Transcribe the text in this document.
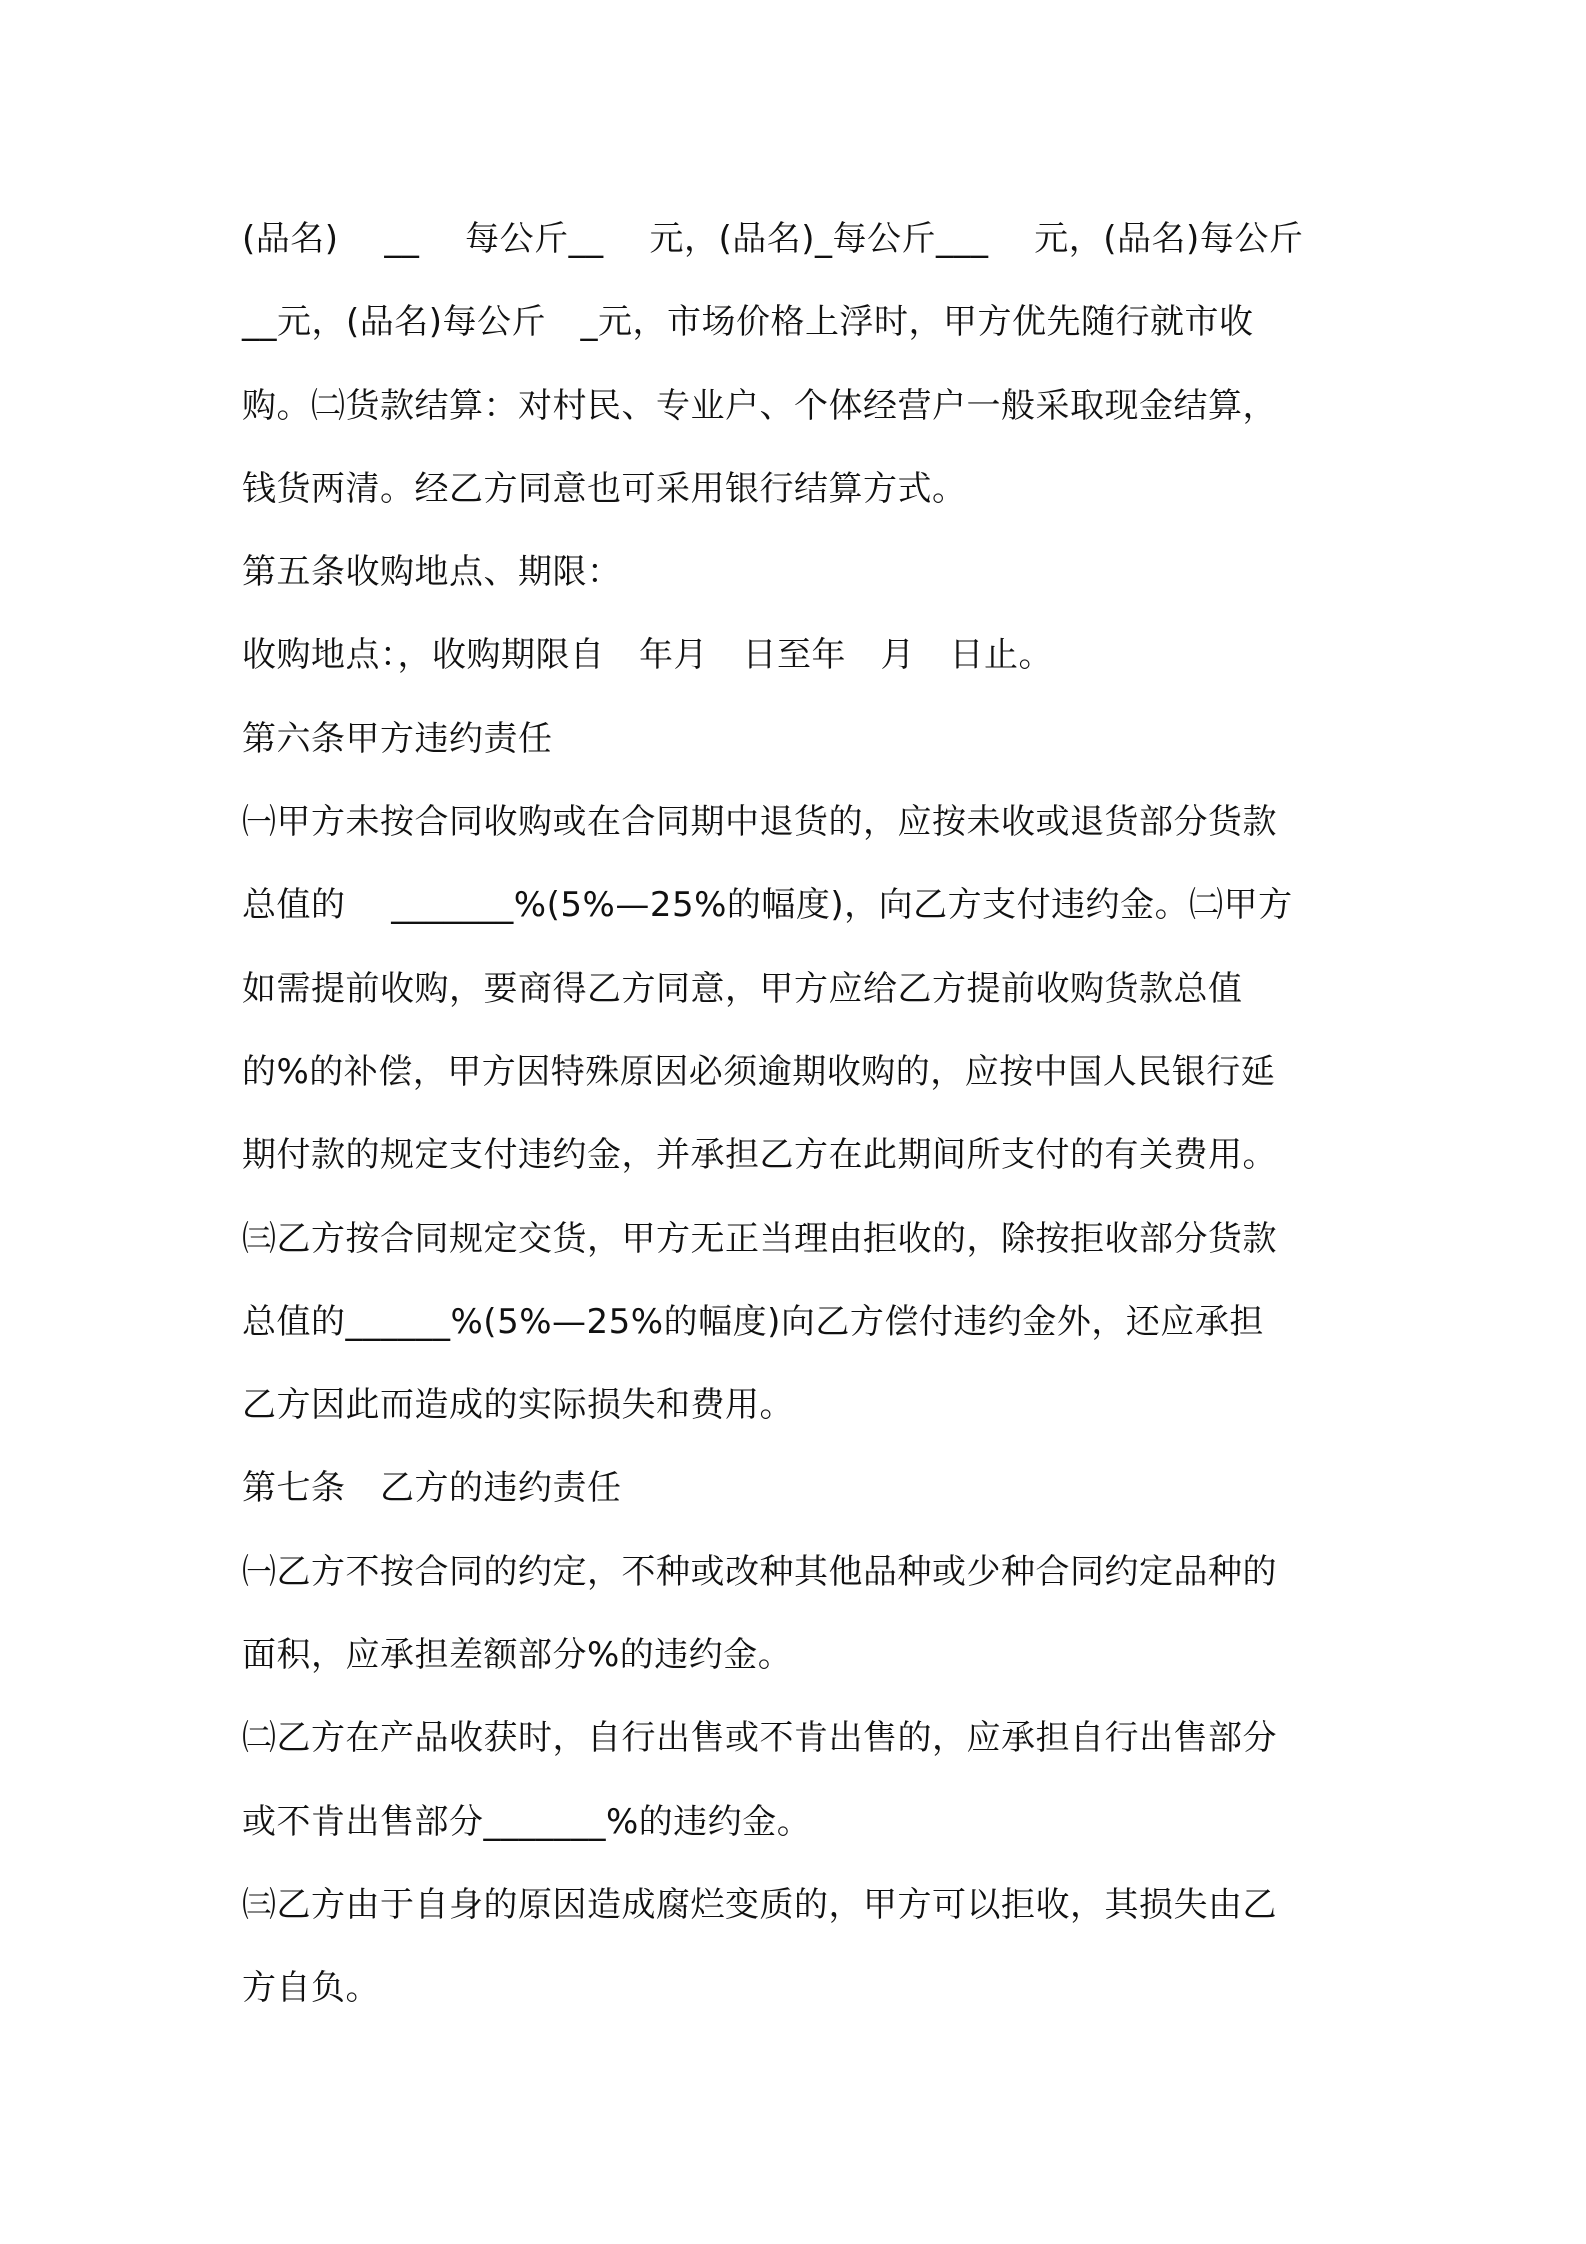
(品名)　 __　 每公斤__　 元，(品名)_每公斤___　 元，(品名)每公斤
__元，(品名)每公斤　_元，市场价格上浮时，甲方优先随行就市收
购。㈡货款结算：对村民、专业户、个体经营户一般采取现金结算，
钱货两清。经乙方同意也可采用银行结算方式。
第五条收购地点、期限：
收购地点：，收购期限自　年月　日至年　月　日止。
第六条甲方违约责任
㈠甲方未按合同收购或在合同期中退货的，应按未收或退货部分货款
总值的　 _______%(5%—25%的幅度)，向乙方支付违约金。㈡甲方
如需提前收购，要商得乙方同意，甲方应给乙方提前收购货款总值
的%的补偿，甲方因特殊原因必须逾期收购的，应按中国人民银行延
期付款的规定支付违约金，并承担乙方在此期间所支付的有关费用。
㈢乙方按合同规定交货，甲方无正当理由拒收的，除按拒收部分货款
总值的______%(5%—25%的幅度)向乙方偿付违约金外，还应承担
乙方因此而造成的实际损失和费用。
第七条　乙方的违约责任
㈠乙方不按合同的约定，不种或改种其他品种或少种合同约定品种的
面积，应承担差额部分%的违约金。
㈡乙方在产品收获时，自行出售或不肯出售的，应承担自行出售部分
或不肯出售部分_______%的违约金。
㈢乙方由于自身的原因造成腐烂变质的，甲方可以拒收，其损失由乙
方自负。
